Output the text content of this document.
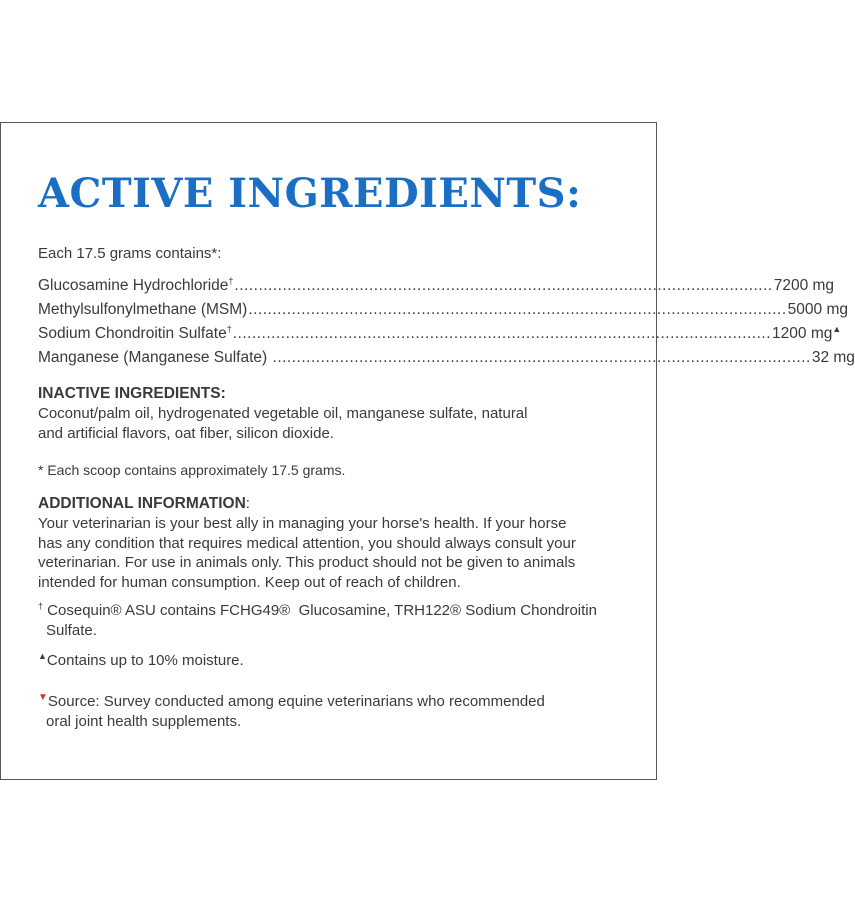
ACTIVE INGREDIENTS:
Each 17.5 grams contains*:
Glucosamine Hydrochloride† ................................................................................................................ 7200 mg
Methylsulfonylmethane (MSM) ................................................................................................................ 5000 mg
Sodium Chondroitin Sulfate† ................................................................................................................ 1200 mg▲
Manganese (Manganese Sulfate) ................................................................................................................ 32 mg
INACTIVE INGREDIENTS:
Coconut/palm oil, hydrogenated vegetable oil, manganese sulfate, natural
and artificial flavors, oat fiber, silicon dioxide.
* Each scoop contains approximately 17.5 grams.
ADDITIONAL INFORMATION:
Your veterinarian is your best ally in managing your horse's health. If your horse
has any condition that requires medical attention, you should always consult your
veterinarian. For use in animals only. This product should not be given to animals
intended for human consumption. Keep out of reach of children.
† Cosequin® ASU contains FCHG49®  Glucosamine, TRH122® Sodium Chondroitin
Sulfate.
▲Contains up to 10% moisture.
▼Source: Survey conducted among equine veterinarians who recommended
oral joint health supplements.
